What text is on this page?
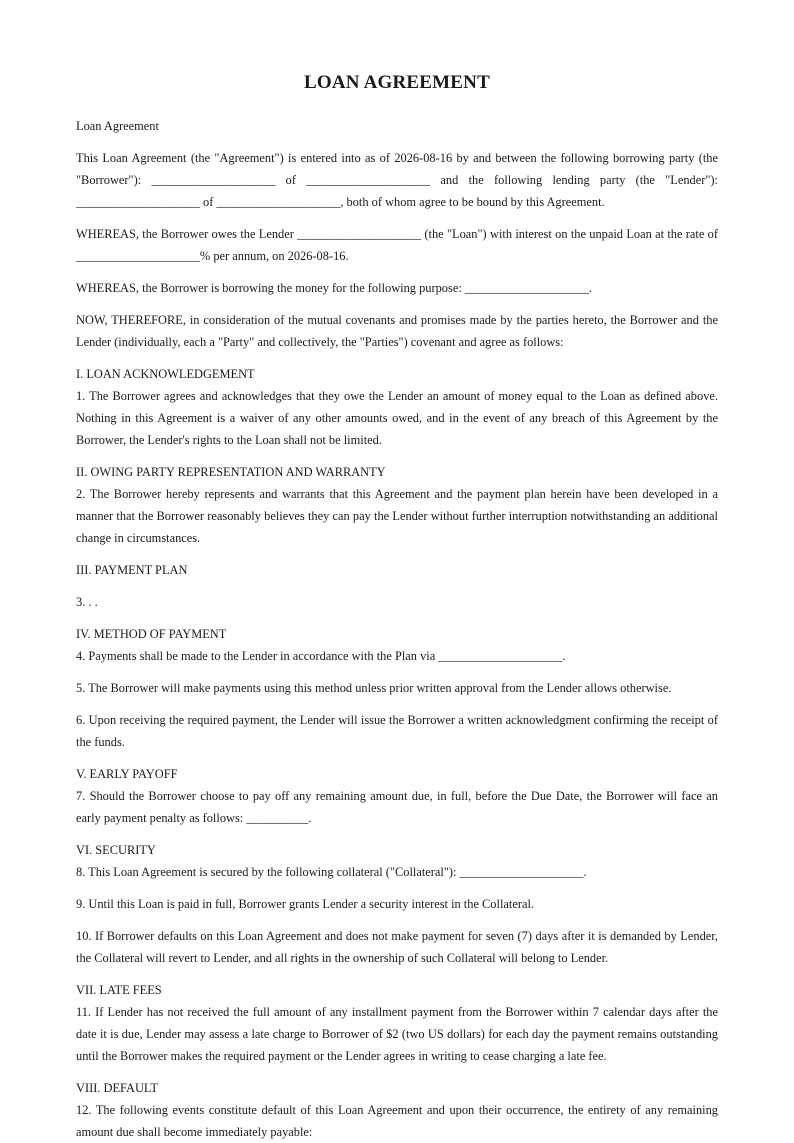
LOAN AGREEMENT

Loan Agreement

This Loan Agreement (the "Agreement") is entered into as of 2026-08-16 by and between the following borrowing party (the "Borrower"): ____________________ of ____________________ and the following lending party (the "Lender"): ____________________ of ____________________, both of whom agree to be bound by this Agreement.

WHEREAS, the Borrower owes the Lender ____________________ (the "Loan") with interest on the unpaid Loan at the rate of ____________________% per annum, on 2026-08-16.

WHEREAS, the Borrower is borrowing the money for the following purpose: ____________________.

NOW, THEREFORE, in consideration of the mutual covenants and promises made by the parties hereto, the Borrower and the Lender (individually, each a "Party" and collectively, the "Parties") covenant and agree as follows:

I. LOAN ACKNOWLEDGEMENT

1. The Borrower agrees and acknowledges that they owe the Lender an amount of money equal to the Loan as defined above. Nothing in this Agreement is a waiver of any other amounts owed, and in the event of any breach of this Agreement by the Borrower, the Lender's rights to the Loan shall not be limited.

II. OWING PARTY REPRESENTATION AND WARRANTY

2. The Borrower hereby represents and warrants that this Agreement and the payment plan herein have been developed in a manner that the Borrower reasonably believes they can pay the Lender without further interruption notwithstanding an additional change in circumstances.

III. PAYMENT PLAN

3. . .

IV. METHOD OF PAYMENT

4. Payments shall be made to the Lender in accordance with the Plan via ____________________.

5. The Borrower will make payments using this method unless prior written approval from the Lender allows otherwise.

6. Upon receiving the required payment, the Lender will issue the Borrower a written acknowledgment confirming the receipt of the funds.

V. EARLY PAYOFF

7. Should the Borrower choose to pay off any remaining amount due, in full, before the Due Date, the Borrower will face an early payment penalty as follows: __________.

VI. SECURITY

8. This Loan Agreement is secured by the following collateral ("Collateral"): ____________________.

9. Until this Loan is paid in full, Borrower grants Lender a security interest in the Collateral.

10. If Borrower defaults on this Loan Agreement and does not make payment for seven (7) days after it is demanded by Lender, the Collateral will revert to Lender, and all rights in the ownership of such Collateral will belong to Lender.

VII. LATE FEES

11. If Lender has not received the full amount of any installment payment from the Borrower within 7 calendar days after the date it is due, Lender may assess a late charge to Borrower of $2 (two US dollars) for each day the payment remains outstanding until the Borrower makes the required payment or the Lender agrees in writing to cease charging a late fee.

VIII. DEFAULT

12. The following events constitute default of this Loan Agreement and upon their occurrence, the entirety of any remaining amount due shall become immediately payable:
